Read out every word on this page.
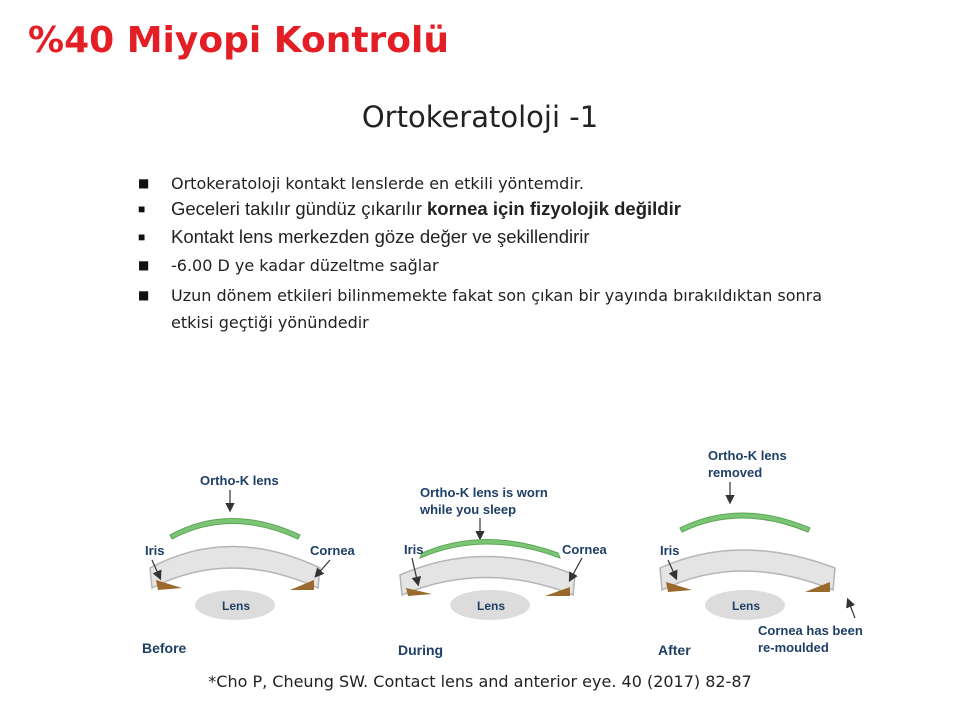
%40 Miyopi Kontrolü
Ortokeratoloji -1
■ Ortokeratoloji kontakt lenslerde en etkili yöntemdir.
■ Geceleri takılır gündüz çıkarılır kornea için fizyolojik değildir
■ Kontakt lens merkezden göze değer ve şekillendirir
■ -6.00 D ye kadar düzeltme sağlar
■ Uzun dönem etkileri bilinmemekte fakat son çıkan bir yayında bırakıldıktan sonra etkisi geçtiği yönündedir
Ortho-K lens
Lens
Iris	Cornea
Before
Ortho-K lens is worn
while you sleep
Lens
Iris	Cornea
During
Ortho-K lens
removed
Lens
Iris
Cornea has been
re-moulded
After
*Cho P, Cheung SW. Contact lens and anterior eye. 40 (2017) 82-87
